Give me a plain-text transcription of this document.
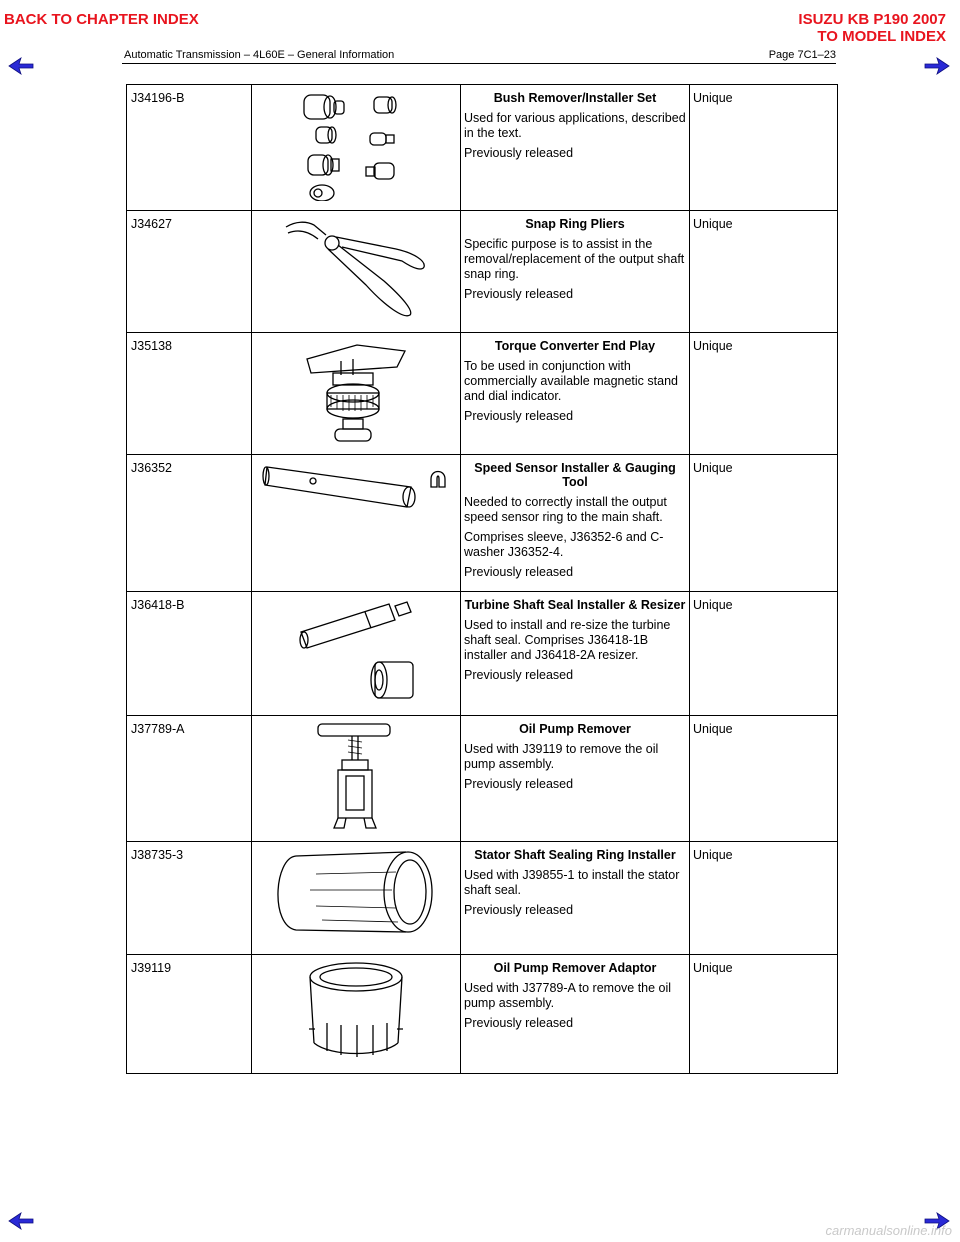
BACK TO CHAPTER INDEX	ISUZU KB P190 2007
TO MODEL INDEX
Automatic Transmission – 4L60E – General Information	Page 7C1–23
J34196-B		Bush Remover/Installer Set

Used for various applications, described in the text.

Previously released	Unique
J34627		Snap Ring Pliers

Specific purpose is to assist in the removal/replacement of the output shaft snap ring.

Previously released	Unique
J35138		Torque Converter End Play

To be used in conjunction with commercially available magnetic stand and dial indicator.

Previously released	Unique
J36352		Speed Sensor Installer & Gauging Tool

Needed to correctly install the output speed sensor ring to the main shaft.

Comprises sleeve, J36352-6 and C-washer J36352-4.

Previously released	Unique
J36418-B		Turbine Shaft Seal Installer & Resizer

Used to install and re-size the turbine shaft seal. Comprises J36418-1B installer and J36418-2A resizer.

Previously released	Unique
J37789-A		Oil Pump Remover

Used with J39119 to remove the oil pump assembly.

Previously released	Unique
J38735-3		Stator Shaft Sealing Ring Installer

Used with J39855-1 to install the stator shaft seal.

Previously released	Unique
J39119		Oil Pump Remover Adaptor

Used with J37789-A to remove the oil pump assembly.

Previously released	Unique
carmanualsonline.info
